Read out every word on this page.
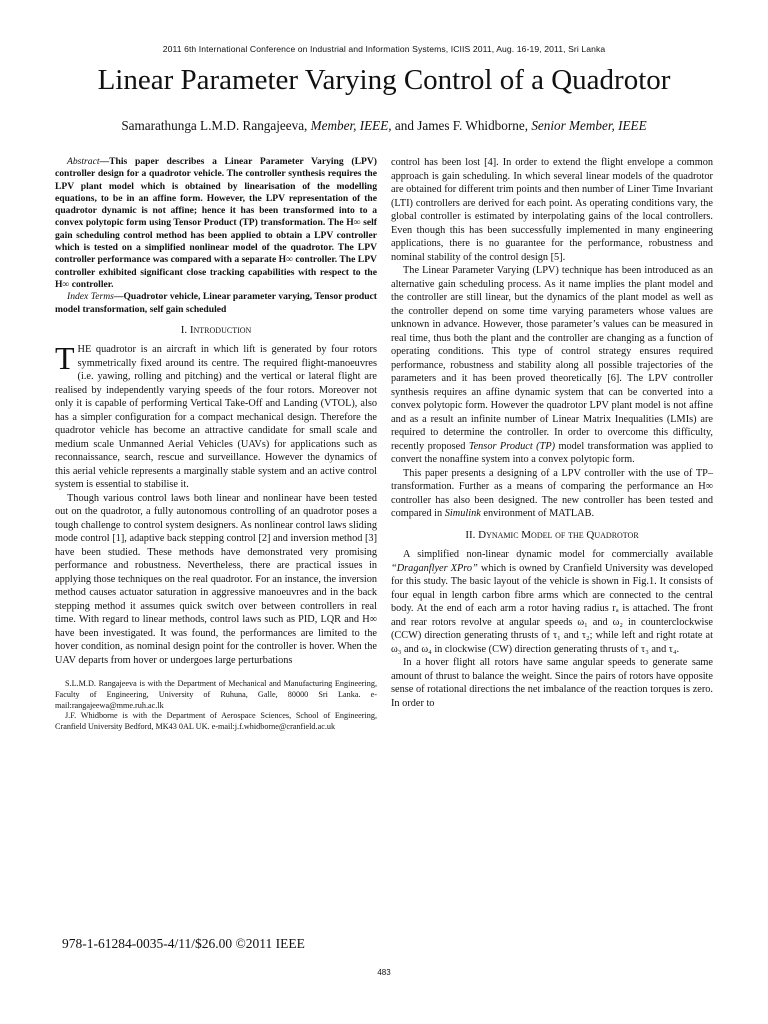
2011 6th International Conference on Industrial and Information Systems, ICIIS 2011, Aug. 16-19, 2011, Sri Lanka
Linear Parameter Varying Control of a Quadrotor
Samarathunga L.M.D. Rangajeeva, Member, IEEE, and James F. Whidborne, Senior Member, IEEE

Abstract—This paper describes a Linear Parameter Varying (LPV) controller design for a quadrotor vehicle. The controller synthesis requires the LPV plant model which is obtained by linearisation of the modelling equations, to be in an affine form. However, the LPV representation of the quadrotor dynamic is not affine; hence it has been transformed into to a convex polytopic form using Tensor Product (TP) transformation. The H∞ self gain scheduling control method has been applied to obtain a LPV controller which is tested on a simplified nonlinear model of the quadrotor. The LPV controller performance was compared with a separate H∞ controller. The LPV controller exhibited significant close tracking capabilities with respect to the H∞ controller.

Index Terms—Quadrotor vehicle, Linear parameter varying, Tensor product model transformation, self gain scheduled

I. Introduction

THE quadrotor is an aircraft in which lift is generated by four rotors symmetrically fixed around its centre. The required flight-manoeuvres (i.e. yawing, rolling and pitching) and the vertical or lateral flight are realised by independently varying speeds of the four rotors. Moreover not only it is capable of performing Vertical Take-Off and Landing (VTOL), also has a simpler configuration for a compact mechanical design. Therefore the quadrotor vehicle has become an attractive candidate for small scale and medium scale Unmanned Aerial Vehicles (UAVs) for applications such as reconnaissance, search, rescue and surveillance. However the dynamics of this aerial vehicle represents a marginally stable system and an active control system is essential to stabilise it.

Though various control laws both linear and nonlinear have been tested out on the quadrotor, a fully autonomous controlling of an quadrotor poses a tough challenge to control system designers. As nonlinear control laws sliding mode control [1], adaptive back stepping control [2] and inversion method [3] have been studied. These methods have demonstrated very promising performance and robustness. Nevertheless, there are practical issues in applying those techniques on the real quadrotor. For an instance, the inversion method causes actuator saturation in aggressive manoeuvres and in the back stepping method it assumes quick switch over between controllers in real time. With regard to linear methods, control laws such as PID, LQR and H∞ have been investigated. It was found, the performances are limited to the hover condition, as nominal design point for the controller is hover. When the UAV departs from hover or undergoes large perturbations

S.L.M.D. Rangajeeva is with the Department of Mechanical and Manufacturing Engineering, Faculty of Engineering, University of Ruhuna, Galle, 80000 Sri Lanka. e-mail:rangajeewa@mme.ruh.ac.lk

J.F. Whidborne is with the Department of Aerospace Sciences, School of Engineering, Cranfield University Bedford, MK43 0AL UK. e-mail:j.f.whidborne@cranfield.ac.uk

control has been lost [4]. In order to extend the flight envelope a common approach is gain scheduling. In which several linear models of the quadrotor are obtained for different trim points and then number of Liner Time Invariant (LTI) controllers are derived for each point. As operating conditions vary, the global controller is estimated by interpolating gains of the local controllers. Even though this has been successfully implemented in many engineering applications, there is no guarantee for the performance, robustness and nominal stability of the control design [5].

The Linear Parameter Varying (LPV) technique has been introduced as an alternative gain scheduling process. As it name implies the plant model and the controller are still linear, but the dynamics of the plant model as well as the controller depend on some time varying parameters whose values are unknown in advance. However, those parameter’s values can be measured in real time, thus both the plant and the controller are changing as a function of operating conditions. This type of control strategy ensures required performance, robustness and stability along all possible trajectories of the parameters and it has been proved theoretically [6]. The LPV controller synthesis requires an affine dynamic system that can be converted into a convex polytopic form. However the quadrotor LPV plant model is not affine and as a result an infinite number of Linear Matrix Inequalities (LMIs) are required to determine the controller. In order to overcome this difficulty, recently proposed Tensor Product (TP) model transformation was applied to convert the nonaffine system into a convex polytopic form.

This paper presents a designing of a LPV controller with the use of TP–transformation. Further as a means of comparing the performance an H∞ controller has also been designed. The new controller has been tested and compared in Simulink environment of MATLAB.

II. Dynamic Model of the Quadrotor

A simplified non-linear dynamic model for commercially available “Draganflyer XPro” which is owned by Cranfield University was developed for this study. The basic layout of the vehicle is shown in Fig.1. It consists of four equal in length carbon fibre arms which are connected to the central body. At the end of each arm a rotor having radius rₐ is attached. The front and rear rotors revolve at angular speeds ω₁ and ω₂ in counterclockwise (CCW) direction generating thrusts of τ₁ and τ₂; while left and right rotate at ω₃ and ω₄ in clockwise (CW) direction generating thrusts of τ₃ and τ₄.

In a hover flight all rotors have same angular speeds to generate same amount of thrust to balance the weight. Since the pairs of rotors have opposite sense of rotational directions the net imbalance of the reaction torques is zero. In order to

978-1-61284-0035-4/11/$26.00 ©2011 IEEE
483
